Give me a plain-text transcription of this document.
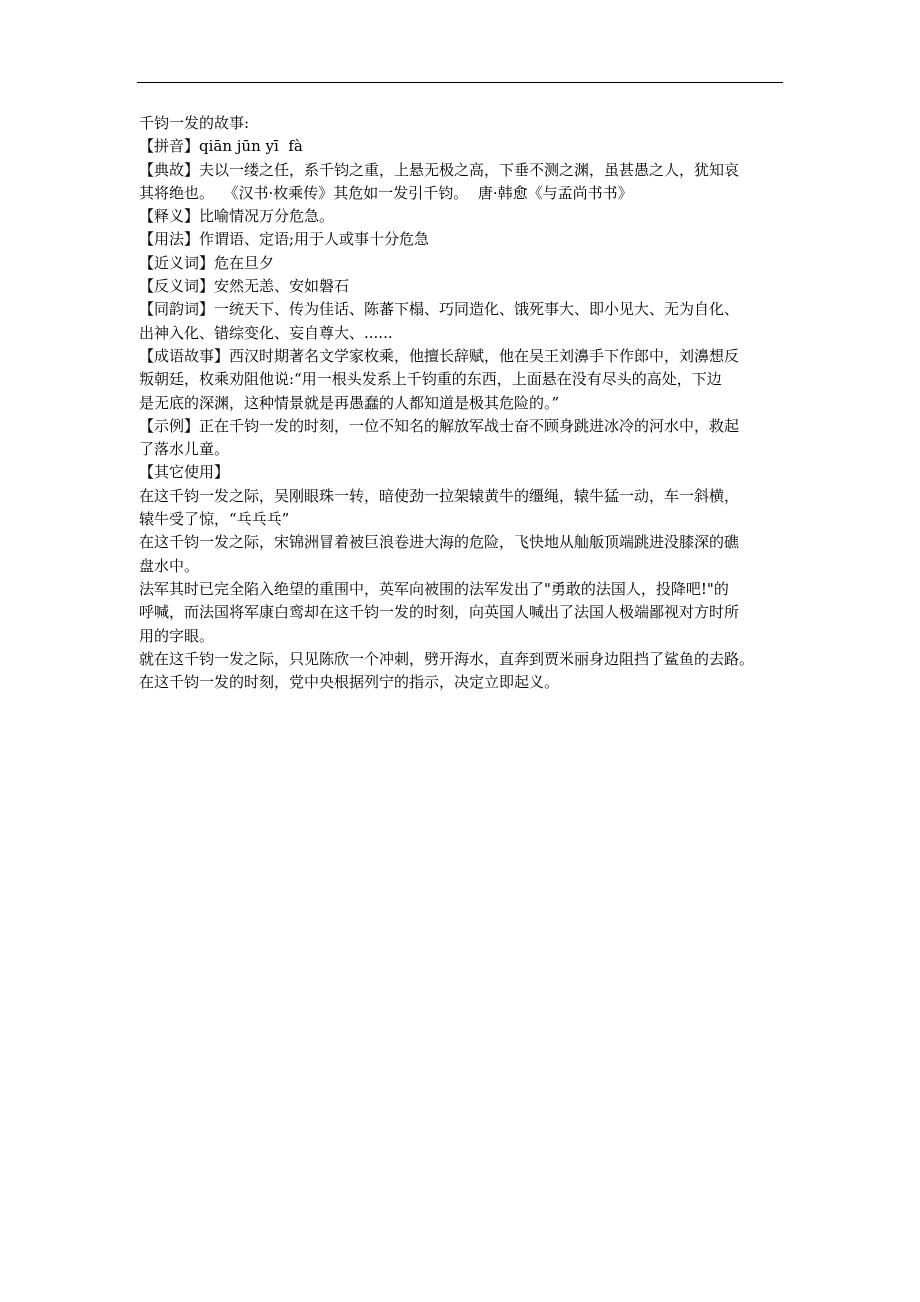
千钧一发的故事:
【拼音】qiān jūn yī  fà
【典故】夫以一缕之任，系千钧之重，上悬无极之高，下垂不测之渊，虽甚愚之人，犹知哀
其将绝也。  《汉书·枚乘传》其危如一发引千钧。  唐·韩愈《与孟尚书书》
【释义】比喻情况万分危急。
【用法】作谓语、定语;用于人或事十分危急
【近义词】危在旦夕
【反义词】安然无恙、安如磐石
【同韵词】一统天下、传为佳话、陈蕃下榻、巧同造化、饿死事大、即小见大、无为自化、
出神入化、错综变化、妄自尊大、......
【成语故事】西汉时期著名文学家枚乘，他擅长辞赋，他在吴王刘濞手下作郎中，刘濞想反
叛朝廷，枚乘劝阻他说:“用一根头发系上千钧重的东西，上面悬在没有尽头的高处，下边
是无底的深渊，这种情景就是再愚蠢的人都知道是极其危险的。”
【示例】正在千钧一发的时刻，一位不知名的解放军战士奋不顾身跳进冰冷的河水中，救起
了落水儿童。
【其它使用】
在这千钧一发之际，吴刚眼珠一转，暗使劲一拉架辕黄牛的缰绳，辕牛猛一动，车一斜横，
辕牛受了惊，“乓乓乓”
在这千钧一发之际，宋锦洲冒着被巨浪卷进大海的危险，飞快地从舢舨顶端跳进没膝深的礁
盘水中。
法军其时已完全陷入绝望的重围中，英军向被围的法军发出了"勇敢的法国人，投降吧!"的
呼喊，而法国将军康白鸾却在这千钧一发的时刻，向英国人喊出了法国人极端鄙视对方时所
用的字眼。
就在这千钧一发之际，只见陈欣一个冲刺，劈开海水，直奔到贾米丽身边阻挡了鲨鱼的去路。
在这千钧一发的时刻，党中央根据列宁的指示，决定立即起义。
